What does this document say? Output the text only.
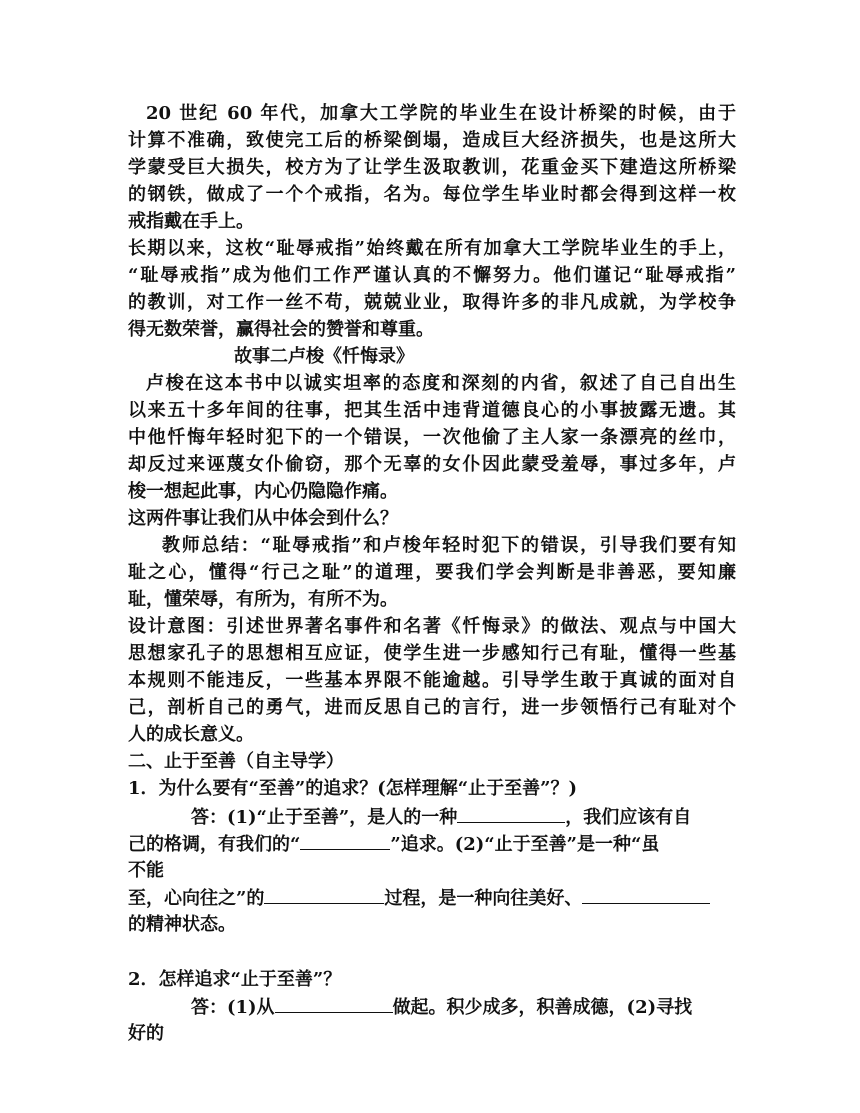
20 世纪 60 年代，加拿大工学院的毕业生在设计桥梁的时候，由于
计算不准确，致使完工后的桥梁倒塌，造成巨大经济损失，也是这所大
学蒙受巨大损失，校方为了让学生汲取教训，花重金买下建造这所桥梁
的钢铁，做成了一个个戒指，名为。每位学生毕业时都会得到这样一枚
戒指戴在手上。
长期以来，这枚“耻辱戒指”始终戴在所有加拿大工学院毕业生的手上，
“耻辱戒指”成为他们工作严谨认真的不懈努力。他们谨记“耻辱戒指”
的教训，对工作一丝不苟，兢兢业业，取得许多的非凡成就，为学校争
得无数荣誉，赢得社会的赞誉和尊重。
故事二卢梭《忏悔录》
卢梭在这本书中以诚实坦率的态度和深刻的内省，叙述了自己自出生
以来五十多年间的往事，把其生活中违背道德良心的小事披露无遗。其
中他忏悔年轻时犯下的一个错误，一次他偷了主人家一条漂亮的丝巾，
却反过来诬蔑女仆偷窃，那个无辜的女仆因此蒙受羞辱，事过多年，卢
梭一想起此事，内心仍隐隐作痛。
这两件事让我们从中体会到什么？
教师总结：“耻辱戒指”和卢梭年轻时犯下的错误，引导我们要有知
耻之心，懂得“行己之耻”的道理，要我们学会判断是非善恶，要知廉
耻，懂荣辱，有所为，有所不为。
设计意图：引述世界著名事件和名著《忏悔录》的做法、观点与中国大
思想家孔子的思想相互应证，使学生进一步感知行己有耻，懂得一些基
本规则不能违反，一些基本界限不能逾越。引导学生敢于真诚的面对自
己，剖析自己的勇气，进而反思自己的言行，进一步领悟行己有耻对个
人的成长意义。
二、止于至善（自主导学）
1．为什么要有“至善”的追求？(怎样理解“止于至善”？)
答：(1)“止于至善”，是人的一种	，我们应该有自
己的格调，有我们的“	”追求。(2)“止于至善”是一种“虽
不能
至，心向往之”的	过程，是一种向往美好、
的精神状态。
2．怎样追求“止于至善”？
答：(1)从	做起。积少成多，积善成德，(2)寻找
好的
